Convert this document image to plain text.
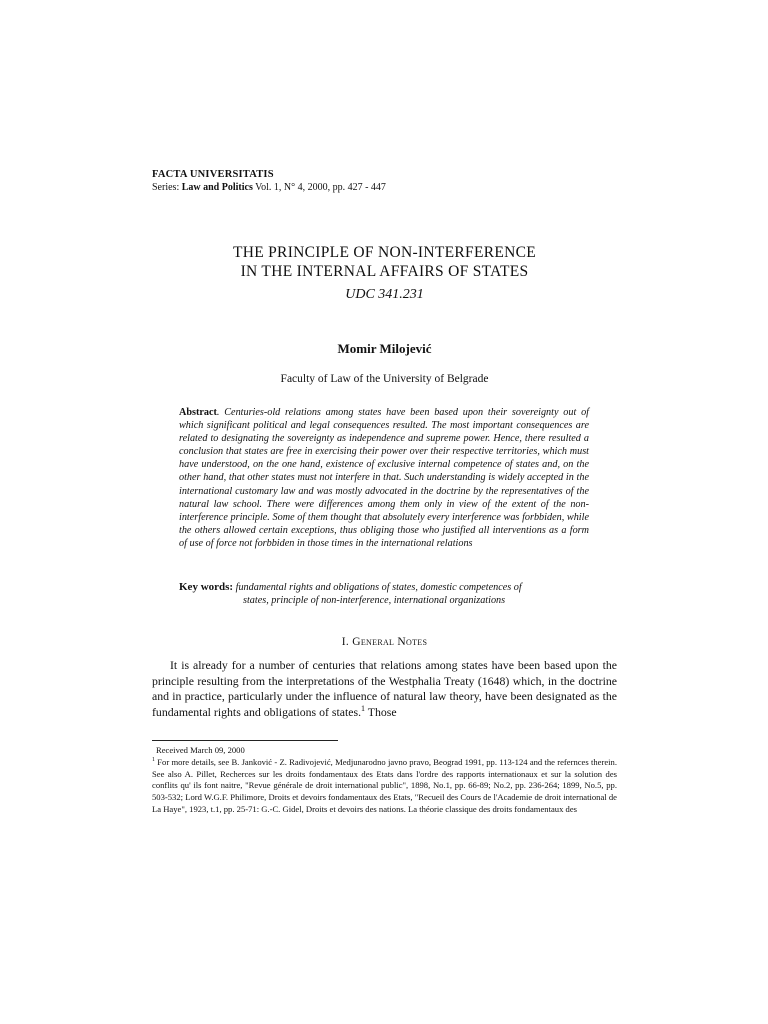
FACTA UNIVERSITATIS
Series: Law and Politics Vol. 1, N° 4, 2000, pp. 427 - 447
THE PRINCIPLE OF NON-INTERFERENCE
IN THE INTERNAL AFFAIRS OF STATES
UDC 341.231
Momir Milojević
Faculty of Law of the University of Belgrade
Abstract. Centuries-old relations among states have been based upon their sovereignty out of which significant political and legal consequences resulted. The most important consequences are related to designating the sovereignty as independence and supreme power. Hence, there resulted a conclusion that states are free in exercising their power over their respective territories, which must have understood, on the one hand, existence of exclusive internal competence of states and, on the other hand, that other states must not interfere in that. Such understanding is widely accepted in the international customary law and was mostly advocated in the doctrine by the representatives of the natural law school. There were differences among them only in view of the extent of the non-interference principle. Some of them thought that absolutely every interference was forbbiden, while the others allowed certain exceptions, thus obliging those who justified all interventions as a form of use of force not forbbiden in those times in the international relations
Key words: fundamental rights and obligations of states, domestic competences of
states, principle of non-interference, international organizations
I. General Notes
It is already for a number of centuries that relations among states have been based upon the principle resulting from the interpretations of the Westphalia Treaty (1648) which, in the doctrine and in practice, particularly under the influence of natural law theory, have been designated as the fundamental rights and obligations of states.$^1$ Those
Received March 09, 2000
$^1$ For more details, see B. Janković - Z. Radivojević, Medjunarodno javno pravo, Beograd 1991, pp. 113-124 and the refernces therein. See also A. Pillet, Recherces sur les droits fondamentaux des Etats dans l'ordre des rapports internationaux et sur la solution des conflits qu' ils font naitre, "Revue générale de droit international public", 1898, No.1, pp. 66-89; No.2, pp. 236-264; 1899, No.5, pp. 503-532; Lord W.G.F. Philimore, Droits et devoirs fondamentaux des Etats, "Recueil des Cours de l'Academie de droit international de La Haye", 1923, t.1, pp. 25-71: G.-C. Gidel, Droits et devoirs des nations. La théorie classique des droits fondamentaux des
